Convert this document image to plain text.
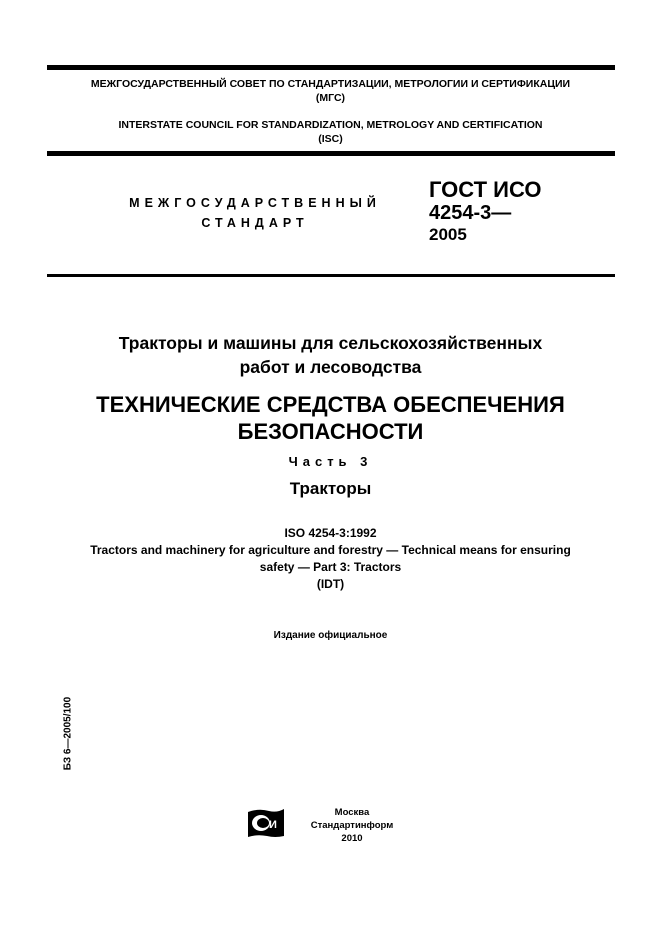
МЕЖГОСУДАРСТВЕННЫЙ СОВЕТ ПО СТАНДАРТИЗАЦИИ, МЕТРОЛОГИИ И СЕРТИФИКАЦИИ
(МГС)
INTERSTATE COUNCIL FOR STANDARDIZATION, METROLOGY AND CERTIFICATION
(ISC)
МЕЖГОСУДАРСТВЕННЫЙ
СТАНДАРТ
ГОСТ ИСО
4254-3—
2005
Тракторы и машины для сельскохозяйственных
работ и лесоводства
ТЕХНИЧЕСКИЕ СРЕДСТВА ОБЕСПЕЧЕНИЯ
БЕЗОПАСНОСТИ
Часть 3
Тракторы
ISO 4254-3:1992
Tractors and machinery for agriculture and forestry — Technical means for ensuring
safety — Part 3: Tractors
(IDT)
Издание официальное
БЗ 6—2005/100
И
Москва
Стандартинформ
2010
